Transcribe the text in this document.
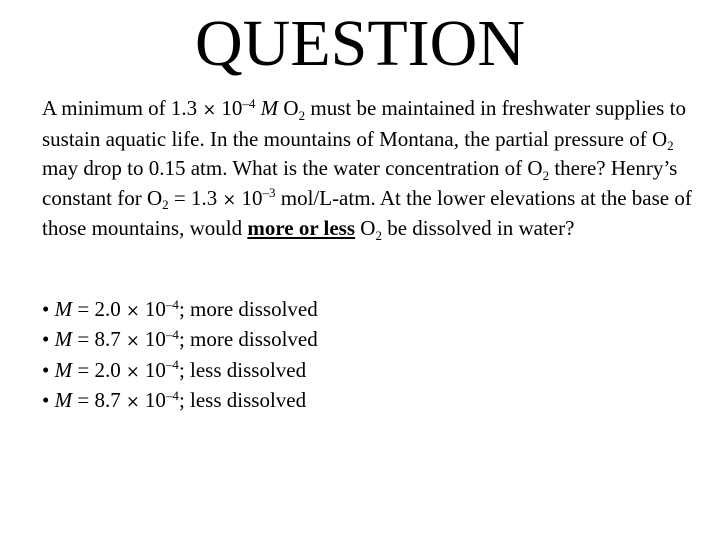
QUESTION

A minimum of $1.3 \times 10^{-4}$ M $O_2$ must be maintained in freshwater supplies to sustain aquatic life. In the mountains of Montana, the partial pressure of $O_2$ may drop to 0.15 atm. What is the water concentration of $O_2$ there? Henry’s constant for $O_2 = 1.3 \times 10^{-3}$ mol/L-atm. At the lower elevations at the base of those mountains, would more or less $O_2$ be dissolved in water?

• $M = 2.0 \times 10^{-4}$; more dissolved
• $M = 8.7 \times 10^{-4}$; more dissolved
• $M = 2.0 \times 10^{-4}$; less dissolved
• $M = 8.7 \times 10^{-4}$; less dissolved
